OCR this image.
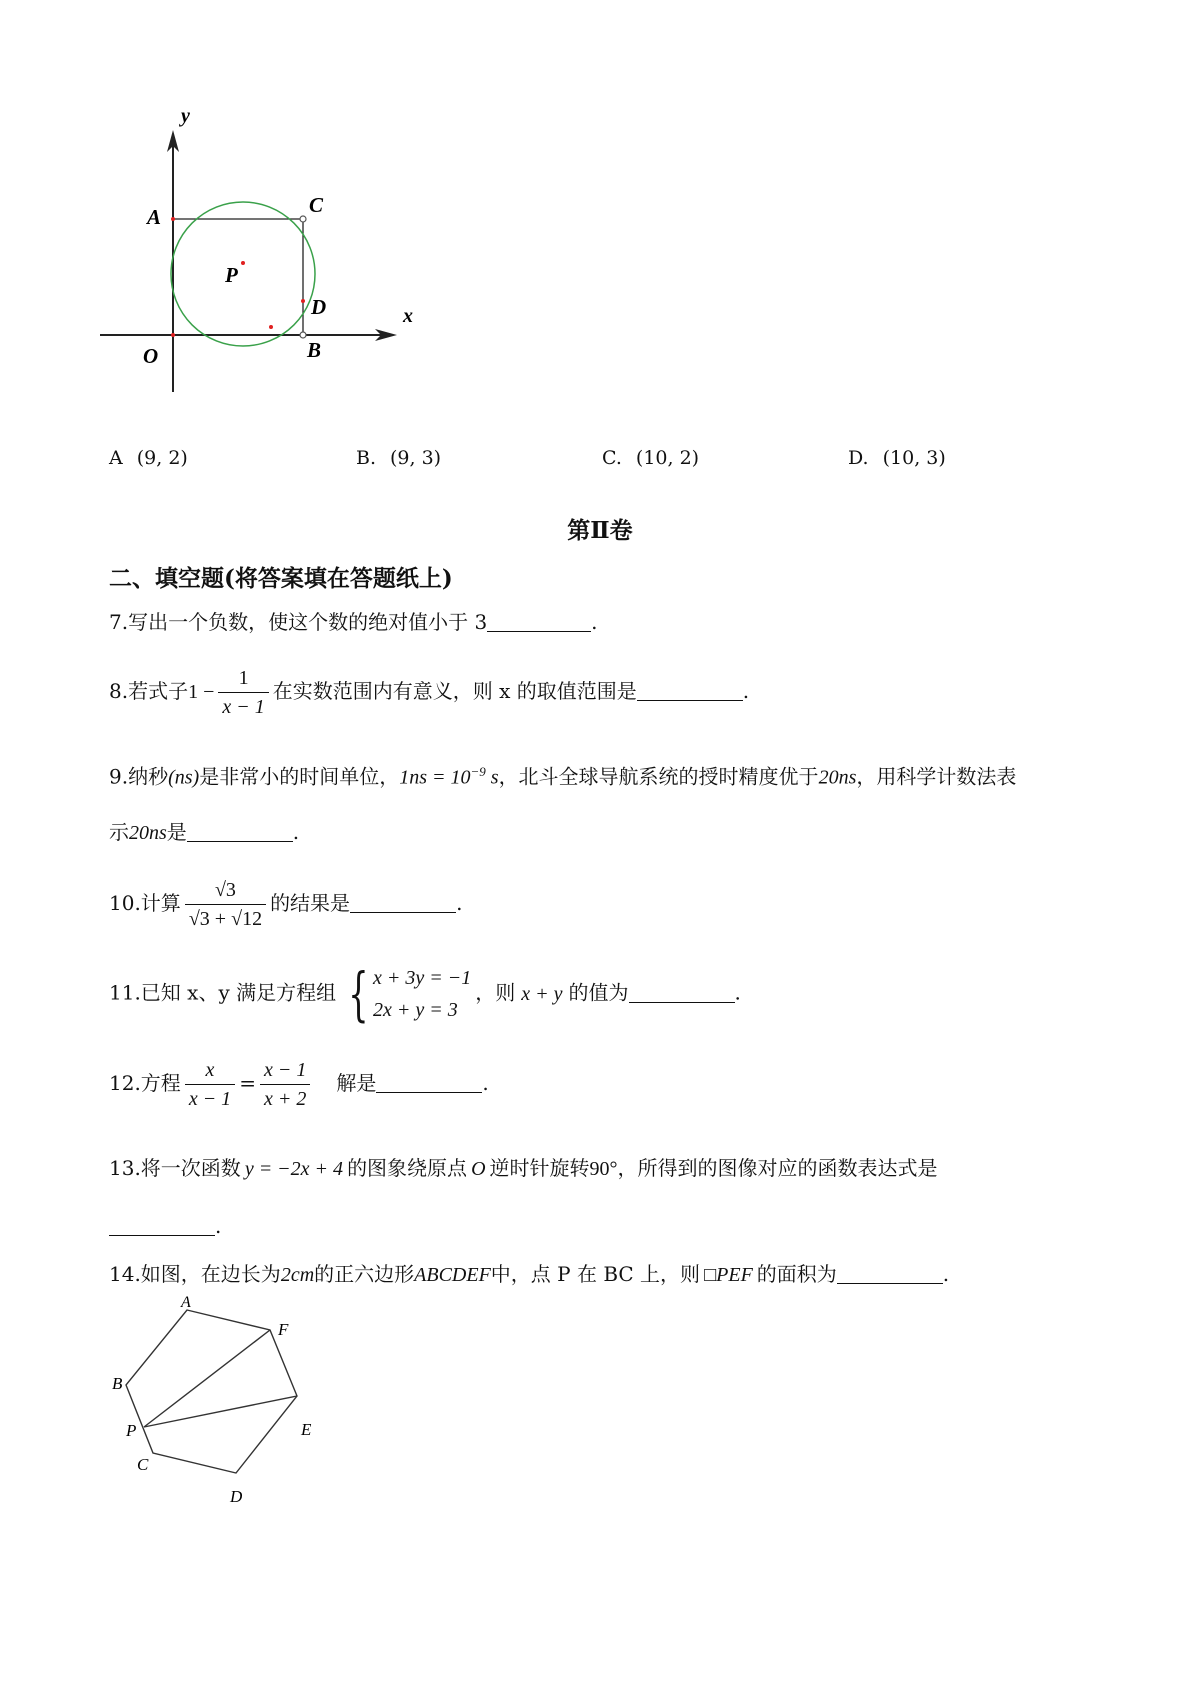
y
x
A	C
P
D
O	B
A (9, 2)	B. (9, 3)	C. (10, 2)	D. (10, 3)
第Ⅱ卷
二、填空题(将答案填在答题纸上)
7.写出一个负数，使这个数的绝对值小于 3	.
8.若式子$1 - \frac{1}{x - 1}$ 在实数范围内有意义，则 x 的取值范围是	.
9.纳秒(ns)是非常小的时间单位，$1ns = 10^{-9}$ s，北斗全球导航系统的授时精度优于20ns，用科学计数法表
示20ns是	.
10.计算 $\frac{√3}{√3 + √12}$ 的结果是	.
11.已知 x、y 满足方程组 { x + 3y = −1
2x + y = 3
，则 x + y 的值为	.
12.方程 $\frac{x}{x - 1} = \frac{x - 1}{x + 2}$ 解是	.
13.将一次函数 y = −2x + 4 的图象绕原点 O 逆时针旋转90°，所得到的图像对应的函数表达式是
.
14.如图，在边长为2cm的正六边形ABCDEF中，点 P 在 BC 上，则 □PEF 的面积为	.
A
F
B
P	E
C
D
